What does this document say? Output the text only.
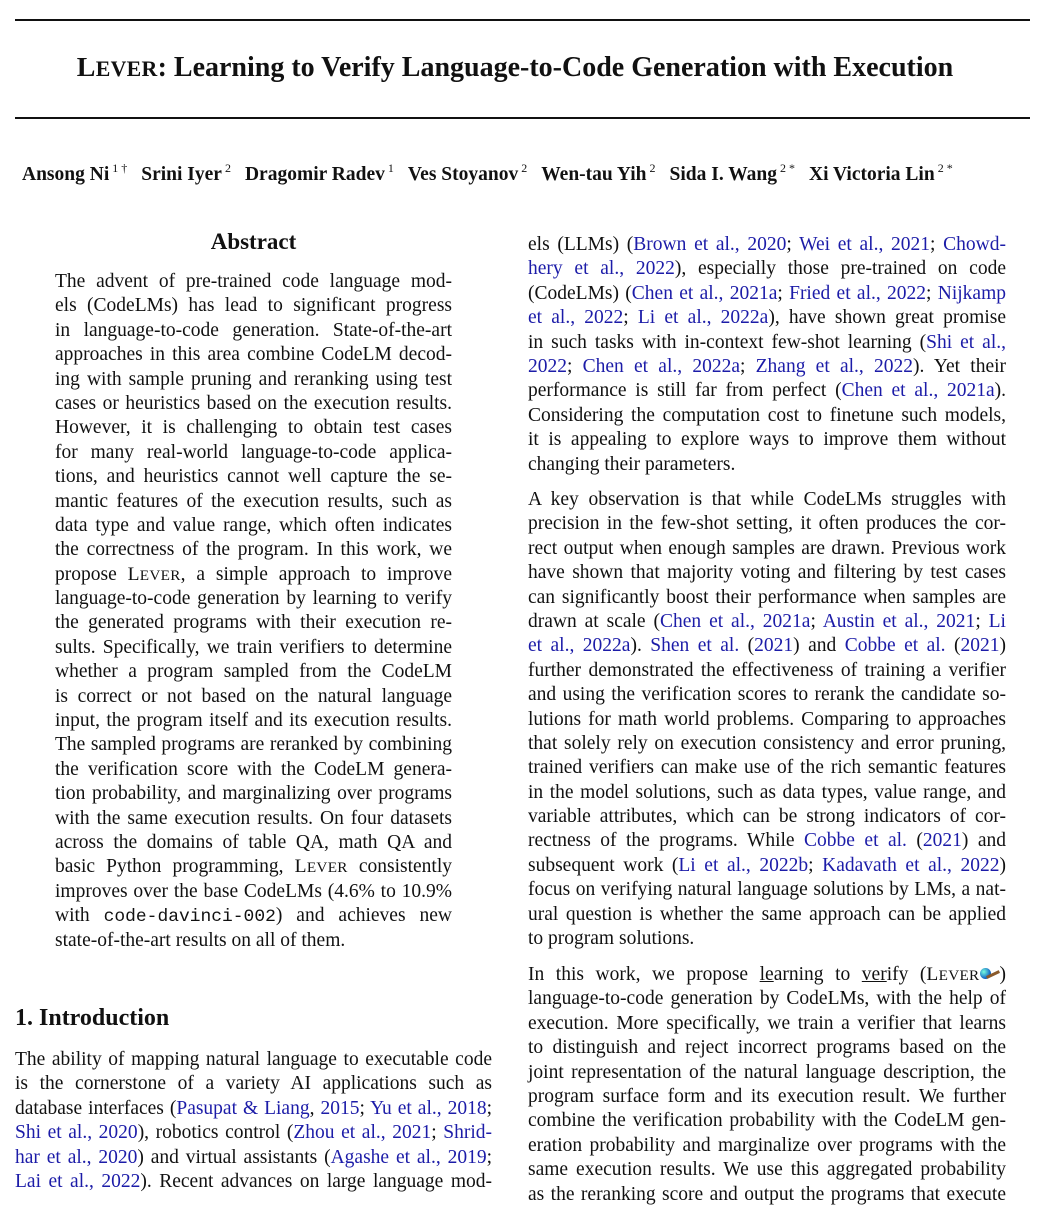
LEVER: Learning to Verify Language-to-Code Generation with Execution
Ansong Ni $^{1 \dagger}$ Srini Iyer $^2$ Dragomir Radev $^1$ Ves Stoyanov $^2$ Wen-tau Yih $^2$ Sida I. Wang $^{2 *}$ Xi Victoria Lin $^{2 *}$
Abstract
The advent of pre-trained code language mod-
els (CodeLMs) has lead to significant progress
in language-to-code generation. State-of-the-art
approaches in this area combine CodeLM decod-
ing with sample pruning and reranking using test
cases or heuristics based on the execution results.
However, it is challenging to obtain test cases
for many real-world language-to-code applica-
tions, and heuristics cannot well capture the se-
mantic features of the execution results, such as
data type and value range, which often indicates
the correctness of the program. In this work, we
propose LEVER, a simple approach to improve
language-to-code generation by learning to verify
the generated programs with their execution re-
sults. Specifically, we train verifiers to determine
whether a program sampled from the CodeLM
is correct or not based on the natural language
input, the program itself and its execution results.
The sampled programs are reranked by combining
the verification score with the CodeLM genera-
tion probability, and marginalizing over programs
with the same execution results. On four datasets
across the domains of table QA, math QA and
basic Python programming, LEVER consistently
improves over the base CodeLMs (4.6% to 10.9%
with code-davinci-002) and achieves new
state-of-the-art results on all of them.
1. Introduction
The ability of mapping natural language to executable code
is the cornerstone of a variety AI applications such as
database interfaces (Pasupat & Liang, 2015; Yu et al., 2018;
Shi et al., 2020), robotics control (Zhou et al., 2021; Shrid-
har et al., 2020) and virtual assistants (Agashe et al., 2019;
Lai et al., 2022). Recent advances on large language mod-
els (LLMs) (Brown et al., 2020; Wei et al., 2021; Chowd-
hery et al., 2022), especially those pre-trained on code
(CodeLMs) (Chen et al., 2021a; Fried et al., 2022; Nijkamp
et al., 2022; Li et al., 2022a), have shown great promise
in such tasks with in-context few-shot learning (Shi et al.,
2022; Chen et al., 2022a; Zhang et al., 2022). Yet their
performance is still far from perfect (Chen et al., 2021a).
Considering the computation cost to finetune such models,
it is appealing to explore ways to improve them without
changing their parameters.
A key observation is that while CodeLMs struggles with
precision in the few-shot setting, it often produces the cor-
rect output when enough samples are drawn. Previous work
have shown that majority voting and filtering by test cases
can significantly boost their performance when samples are
drawn at scale (Chen et al., 2021a; Austin et al., 2021; Li
et al., 2022a). Shen et al. (2021) and Cobbe et al. (2021)
further demonstrated the effectiveness of training a verifier
and using the verification scores to rerank the candidate so-
lutions for math world problems. Comparing to approaches
that solely rely on execution consistency and error pruning,
trained verifiers can make use of the rich semantic features
in the model solutions, such as data types, value range, and
variable attributes, which can be strong indicators of cor-
rectness of the programs. While Cobbe et al. (2021) and
subsequent work (Li et al., 2022b; Kadavath et al., 2022)
focus on verifying natural language solutions by LMs, a nat-
ural question is whether the same approach can be applied
to program solutions.
In this work, we propose learning to verify (LEVER )
language-to-code generation by CodeLMs, with the help of
execution. More specifically, we train a verifier that learns
to distinguish and reject incorrect programs based on the
joint representation of the natural language description, the
program surface form and its execution result. We further
combine the verification probability with the CodeLM gen-
eration probability and marginalize over programs with the
same execution results. We use this aggregated probability
as the reranking score and output the programs that execute
